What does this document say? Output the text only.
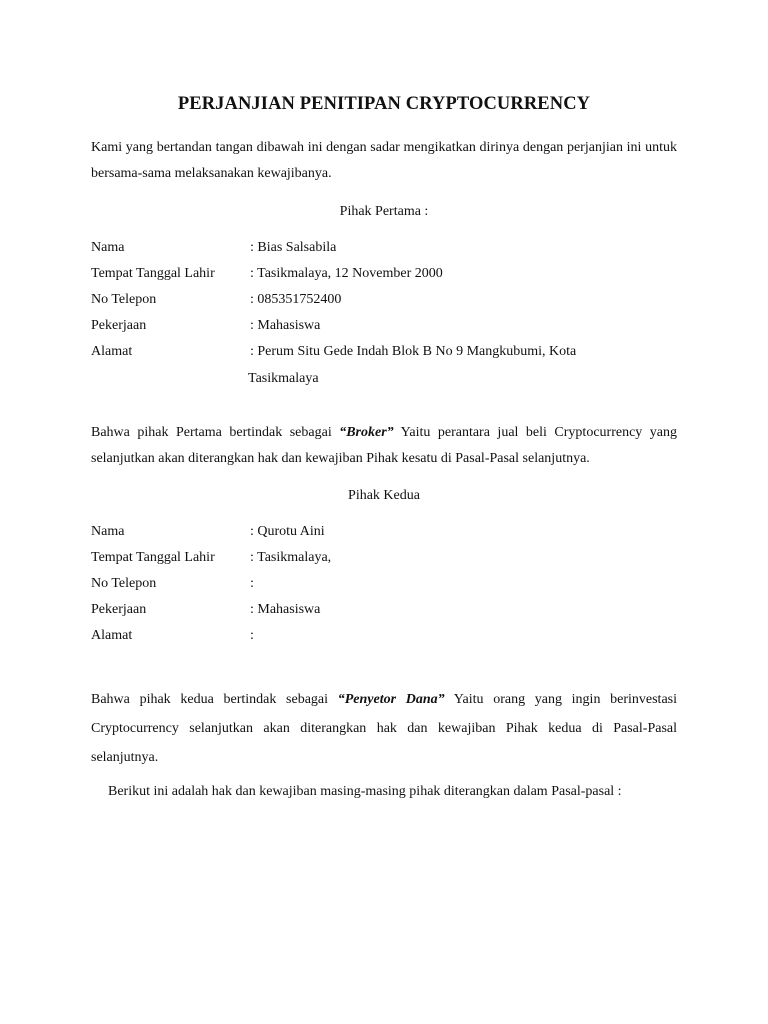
PERJANJIAN PENITIPAN CRYPTOCURRENCY

Kami yang bertandan tangan dibawah ini dengan sadar mengikatkan dirinya dengan perjanjian ini untuk bersama-sama melaksanakan kewajibanya.

Pihak Pertama :
Nama	: Bias Salsabila
Tempat Tanggal Lahir	: Tasikmalaya, 12 November 2000
No Telepon	: 085351752400
Pekerjaan	: Mahasiswa
Alamat	: Perum Situ Gede Indah Blok B No 9 Mangkubumi, Kota
Tasikmalaya

Bahwa pihak Pertama bertindak sebagai “Broker” Yaitu perantara jual beli Cryptocurrency yang selanjutkan akan diterangkan hak dan kewajiban Pihak kesatu di Pasal-Pasal selanjutnya.

Pihak Kedua
Nama	: Qurotu Aini
Tempat Tanggal Lahir	: Tasikmalaya,
No Telepon	:
Pekerjaan	: Mahasiswa
Alamat	:

Bahwa pihak kedua bertindak sebagai “Penyetor Dana” Yaitu orang yang ingin berinvestasi Cryptocurrency selanjutkan akan diterangkan hak dan kewajiban Pihak kedua di Pasal-Pasal selanjutnya.

Berikut ini adalah hak dan kewajiban masing-masing pihak diterangkan dalam Pasal-pasal :
